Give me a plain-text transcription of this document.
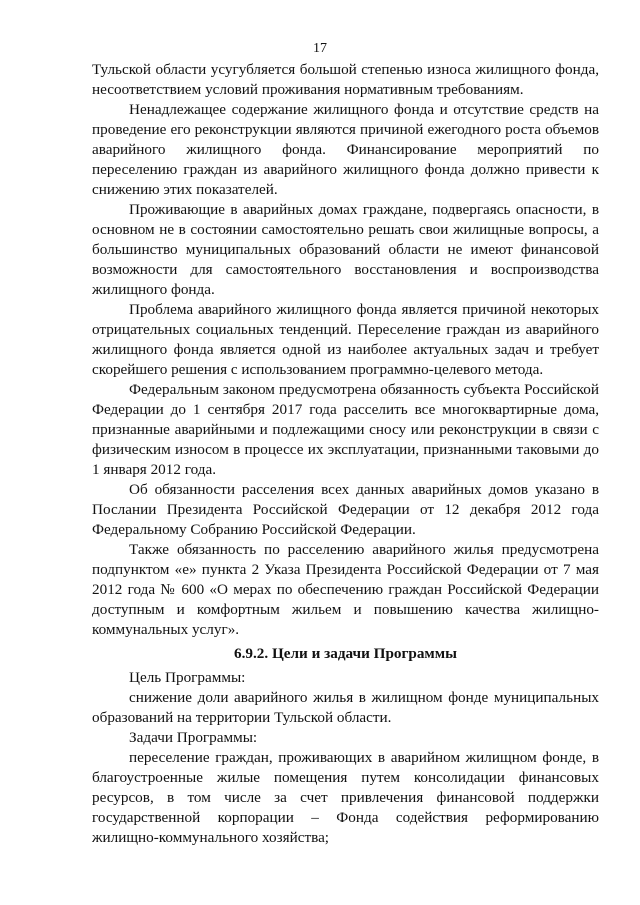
17

Тульской области усугубляется большой степенью износа жилищного фонда, несоответствием условий проживания нормативным требованиям.

Ненадлежащее содержание жилищного фонда и отсутствие средств на проведение его реконструкции являются причиной ежегодного роста объемов аварийного жилищного фонда. Финансирование мероприятий по переселению граждан из аварийного жилищного фонда должно привести к снижению этих показателей.

Проживающие в аварийных домах граждане, подвергаясь опасности, в основном не в состоянии самостоятельно решать свои жилищные вопросы, а большинство муниципальных образований области не имеют финансовой возможности для самостоятельного восстановления и воспроизводства жилищного фонда.

Проблема аварийного жилищного фонда является причиной некоторых отрицательных социальных тенденций. Переселение граждан из аварийного жилищного фонда является одной из наиболее актуальных задач и требует скорейшего решения с использованием программно-целевого метода.

Федеральным законом предусмотрена обязанность субъекта Российской Федерации до 1 сентября 2017 года расселить все многоквартирные дома, признанные аварийными и подлежащими сносу или реконструкции в связи с физическим износом в процессе их эксплуатации, признанными таковыми до 1 января 2012 года.

Об обязанности расселения всех данных аварийных домов указано в Послании Президента Российской Федерации от 12 декабря 2012 года Федеральному Собранию Российской Федерации.

Также обязанность по расселению аварийного жилья предусмотрена подпунктом «е» пункта 2 Указа Президента Российской Федерации от 7 мая 2012 года № 600 «О мерах по обеспечению граждан Российской Федерации доступным и комфортным жильем и повышению качества жилищно-коммунальных услуг».

6.9.2. Цели и задачи Программы

Цель Программы:

снижение доли аварийного жилья в жилищном фонде муниципальных образований на территории Тульской области.

Задачи Программы:

переселение граждан, проживающих в аварийном жилищном фонде, в благоустроенные жилые помещения путем консолидации финансовых ресурсов, в том числе за счет привлечения финансовой поддержки государственной корпорации – Фонда содействия реформированию жилищно-коммунального хозяйства;
